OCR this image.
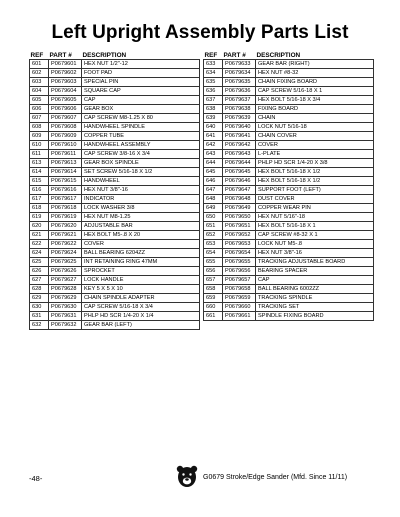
Left Upright Assembly Parts List
REF	PART #	DESCRIPTION
601	P0679601	HEX NUT 1/2"-12
602	P0679602	FOOT PAD
603	P0679603	SPECIAL PIN
604	P0679604	SQUARE CAP
605	P0679605	CAP
606	P0679606	GEAR BOX
607	P0679607	CAP SCREW M8-1.25 X 80
608	P0679608	HANDWHEEL SPINDLE
609	P0679609	COPPER TUBE
610	P0679610	HANDWHEEL ASSEMBLY
611	P0679611	CAP SCREW 3/8-16 X 3/4
613	P0679613	GEAR BOX SPINDLE
614	P0679614	SET SCREW 5/16-18 X 1/2
615	P0679615	HANDWHEEL
616	P0679616	HEX NUT 3/8"-16
617	P0679617	INDICATOR
618	P0679618	LOCK WASHER 3/8
619	P0679619	HEX NUT M8-1.25
620	P0679620	ADJUSTABLE BAR
621	P0679621	HEX BOLT M5-.8 X 20
622	P0679622	COVER
624	P0679624	BALL BEARING 6204ZZ
625	P0679625	INT RETAINING RING 47MM
626	P0679626	SPROCKET
627	P0679627	LOCK HANDLE
628	P0679628	KEY 5 X 5 X 10
629	P0679629	CHAIN SPINDLE ADAPTER
630	P0679630	CAP SCREW 5/16-18 X 3/4
631	P0679631	PHLP HD SCR 1/4-20 X 1/4
632	P0679632	GEAR BAR (LEFT)
REF	PART #	DESCRIPTION
633	P0679633	GEAR BAR (RIGHT)
634	P0679634	HEX NUT #8-32
635	P0679635	CHAIN FIXING BOARD
636	P0679636	CAP SCREW 5/16-18 X 1
637	P0679637	HEX BOLT 5/16-18 X 3/4
638	P0679638	FIXING BOARD
639	P0679639	CHAIN
640	P0679640	LOCK NUT 5/16-18
641	P0679641	CHAIN COVER
642	P0679642	COVER
643	P0679643	L-PLATE
644	P0679644	PHLP HD SCR 1/4-20 X 3/8
645	P0679645	HEX BOLT 5/16-18 X 1/2
646	P0679646	HEX BOLT 5/16-18 X 1/2
647	P0679647	SUPPORT FOOT (LEFT)
648	P0679648	DUST COVER
649	P0679649	COPPER WEAR PIN
650	P0679650	HEX NUT 5/16"-18
651	P0679651	HEX BOLT 5/16-18 X 1
652	P0679652	CAP SCREW #8-32 X 1
653	P0679653	LOCK NUT M5-.8
654	P0679654	HEX NUT 3/8"-16
655	P0679655	TRACKING ADJUSTABLE BOARD
656	P0679656	BEARING SPACER
657	P0679657	CAP
658	P0679658	BALL BEARING 6002ZZ
659	P0679659	TRACKING SPINDLE
660	P0679660	TRACKING SET
661	P0679661	SPINDLE FIXING BOARD
-48-	G0679 Stroke/Edge Sander (Mfd. Since 11/11)
